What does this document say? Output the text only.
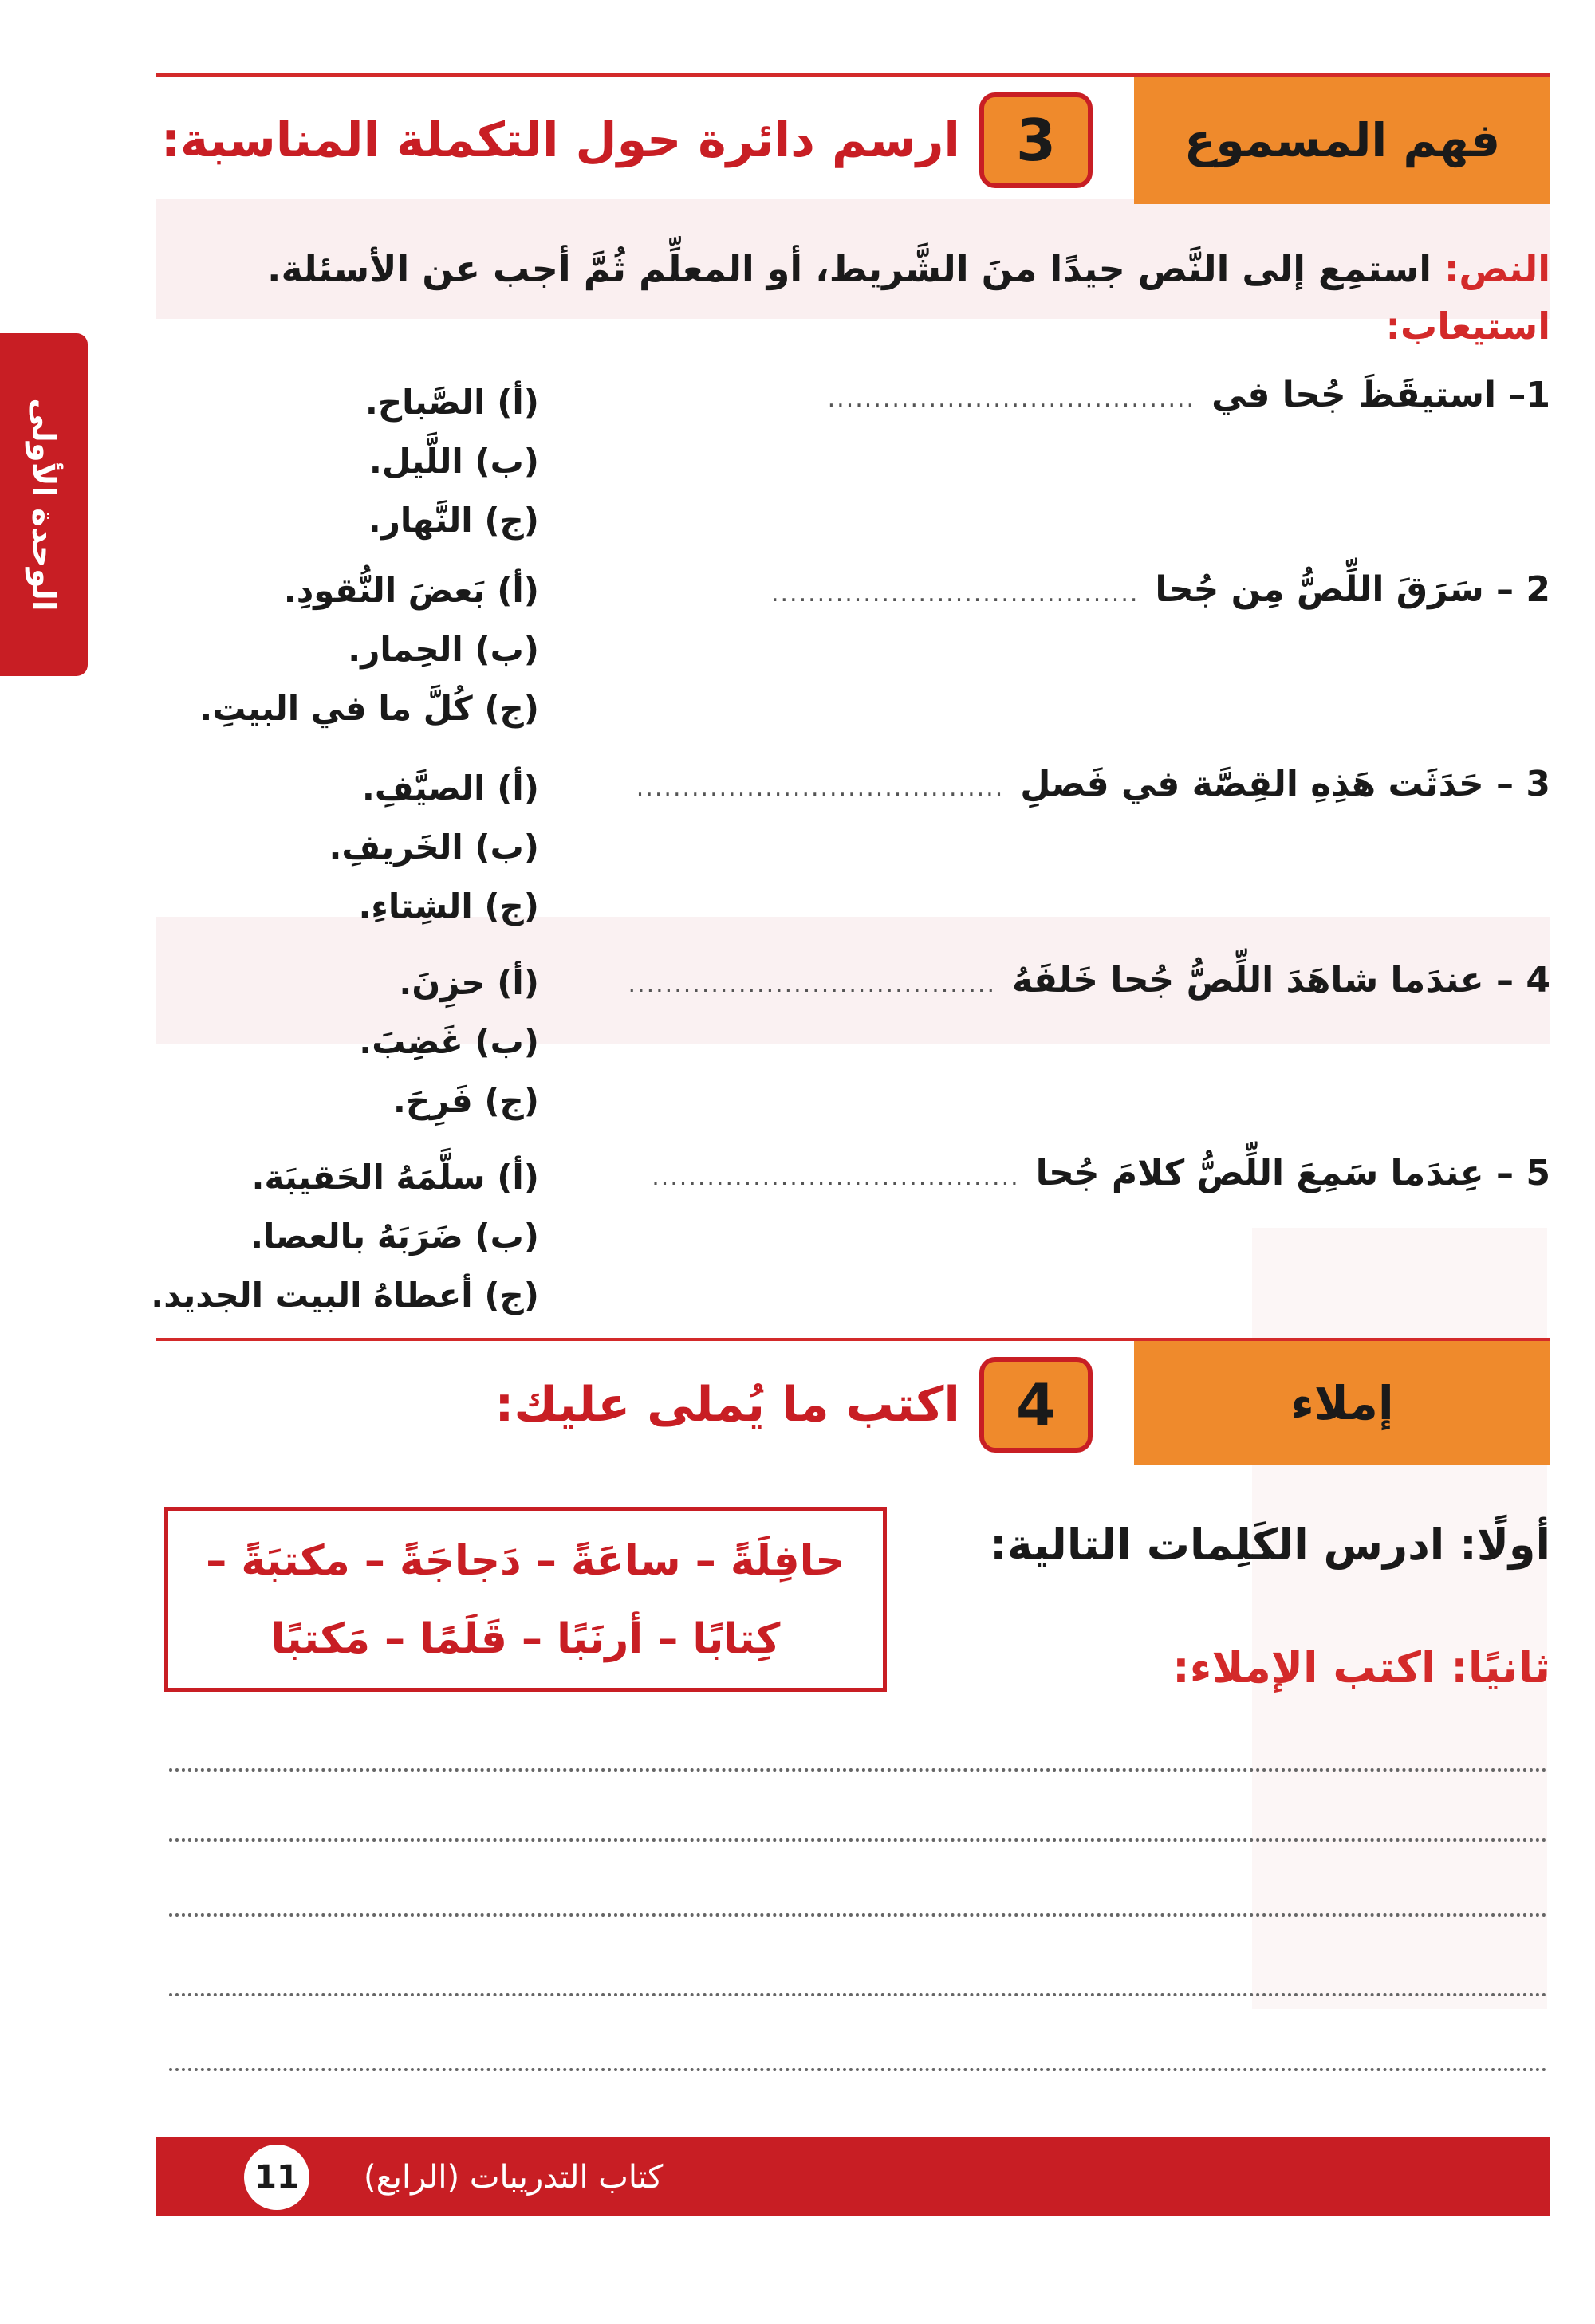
الوحدة الأولى
فهم المسموع
3
ارسم دائرة حول التكملة المناسبة:
النص: استمِع إلى النَّص جيدًا منَ الشَّريط، أو المعلِّم ثُمَّ أجب عن الأسئلة.
استيعاب:
1– استيقَظَ جُحا في
........................................
(أ) الصَّباح.
(ب) اللَّيل.
(ج) النَّهار.
2 – سَرَقَ اللِّصُّ مِن جُحا
........................................
(أ) بَعضَ النُّقودِ.
(ب) الحِمار.
(ج) كُلَّ ما في البيتِ.
3 – حَدَثَت هَذِهِ القِصَّة في فَصلِ
........................................
(أ) الصيَّفِ.
(ب) الخَريفِ.
(ج) الشِتاءِ.
4 – عندَما شاهَدَ اللِّصُّ جُحا خَلفَهُ
........................................
(أ) حزِنَ.
(ب) غَضِبَ.
(ج) فَرِحَ.
5 – عِندَما سَمِعَ اللِّصُّ كلامَ جُحا
........................................
(أ) سلَّمَهُ الحَقيبَة.
(ب) ضَرَبَهُ بالعصا.
(ج) أعطاهُ البيت الجديد.
إملاء
4
اكتب ما يُملى عليك:
أولًا: ادرس الكَلِمات التالية:
حافِلَةً – ساعَةً – دَجاجَةً – مكتبَةً –
كِتابًا – أرنَبًا – قَلَمًا – مَكتبًا
ثانيًا: اكتب الإملاء:
11	كتاب التدريبات (الرابع)
